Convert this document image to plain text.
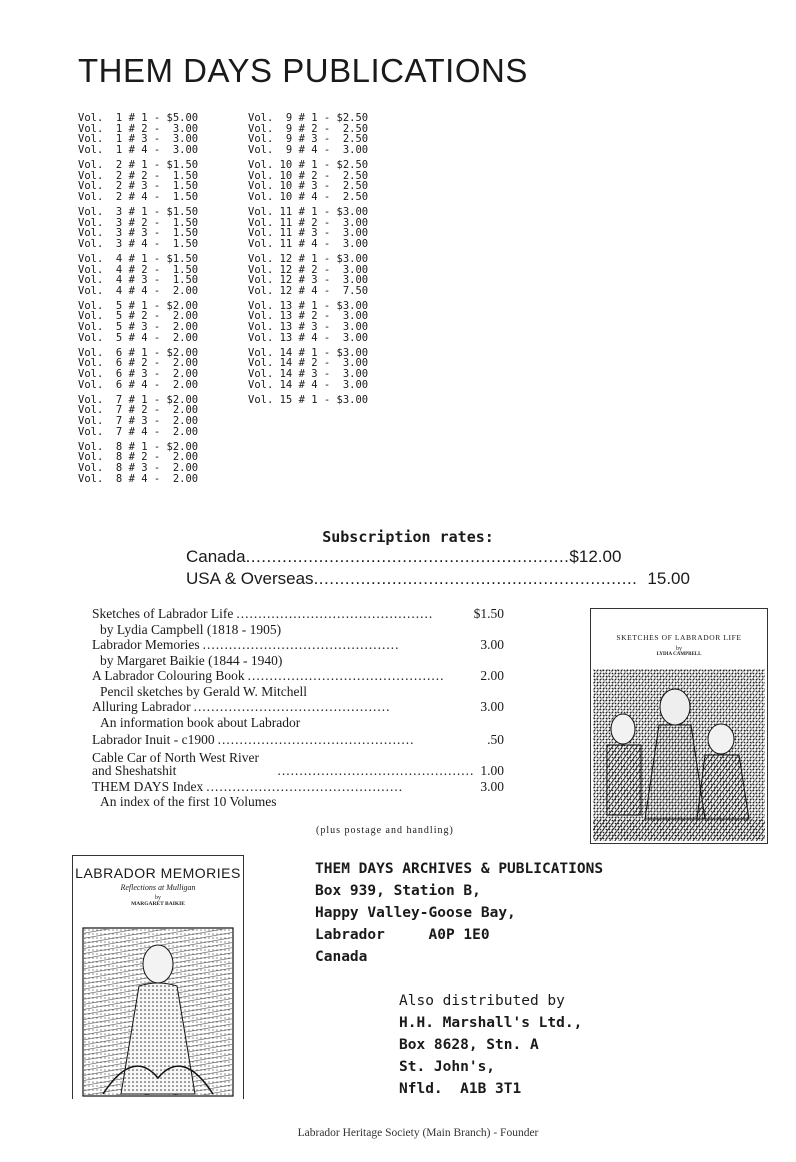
THEM DAYS PUBLICATIONS
Vol.  1 # 1 - $5.00
Vol.  1 # 2 -  3.00
Vol.  1 # 3 -  3.00
Vol.  1 # 4 -  3.00
Vol.  2 # 1 - $1.50
Vol.  2 # 2 -  1.50
Vol.  2 # 3 -  1.50
Vol.  2 # 4 -  1.50
Vol.  3 # 1 - $1.50
Vol.  3 # 2 -  1.50
Vol.  3 # 3 -  1.50
Vol.  3 # 4 -  1.50
Vol.  4 # 1 - $1.50
Vol.  4 # 2 -  1.50
Vol.  4 # 3 -  1.50
Vol.  4 # 4 -  2.00
Vol.  5 # 1 - $2.00
Vol.  5 # 2 -  2.00
Vol.  5 # 3 -  2.00
Vol.  5 # 4 -  2.00
Vol.  6 # 1 - $2.00
Vol.  6 # 2 -  2.00
Vol.  6 # 3 -  2.00
Vol.  6 # 4 -  2.00
Vol.  7 # 1 - $2.00
Vol.  7 # 2 -  2.00
Vol.  7 # 3 -  2.00
Vol.  7 # 4 -  2.00
Vol.  8 # 1 - $2.00
Vol.  8 # 2 -  2.00
Vol.  8 # 3 -  2.00
Vol.  8 # 4 -  2.00
Vol.  9 # 1 - $2.50
Vol.  9 # 2 -  2.50
Vol.  9 # 3 -  2.50
Vol.  9 # 4 -  3.00
Vol. 10 # 1 - $2.50
Vol. 10 # 2 -  2.50
Vol. 10 # 3 -  2.50
Vol. 10 # 4 -  2.50
Vol. 11 # 1 - $3.00
Vol. 11 # 2 -  3.00
Vol. 11 # 3 -  3.00
Vol. 11 # 4 -  3.00
Vol. 12 # 1 - $3.00
Vol. 12 # 2 -  3.00
Vol. 12 # 3 -  3.00
Vol. 12 # 4 -  7.50
Vol. 13 # 1 - $3.00
Vol. 13 # 2 -  3.00
Vol. 13 # 3 -  3.00
Vol. 13 # 4 -  3.00
Vol. 14 # 1 - $3.00
Vol. 14 # 2 -  3.00
Vol. 14 # 3 -  3.00
Vol. 14 # 4 -  3.00
Vol. 15 # 1 - $3.00
Subscription rates:
Canada .............................................................. $12.00
USA & Overseas .............................................................. 15.00
Sketches of Labrador Life .............................................	$1.50
by Lydia Campbell (1818 - 1905)
Labrador Memories .............................................	3.00
by Margaret Baikie (1844 - 1940)
A Labrador Colouring Book .............................................	2.00
Pencil sketches by Gerald W. Mitchell
Alluring Labrador .............................................	3.00
An information book about Labrador
Labrador Inuit - c1900 .............................................	.50
Cable Car of North West River and Sheshatshit	............................................. 1.00
THEM DAYS Index .............................................	3.00
An index of the first 10 Volumes
(plus postage and handling)
SKETCHES OF LABRADOR LIFE
by
LYDIA CAMPBELL
LABRADOR MEMORIES
Reflections at Mulligan
by
MARGARET BAIKIE
THEM DAYS ARCHIVES & PUBLICATIONS
Box 939, Station B,
Happy Valley-Goose Bay,
Labrador     A0P 1E0
Canada
Also distributed by
H.H. Marshall's Ltd.,
Box 8628, Stn. A
St. John's,
Nfld.  A1B 3T1
Labrador Heritage Society (Main Branch) - Founder
